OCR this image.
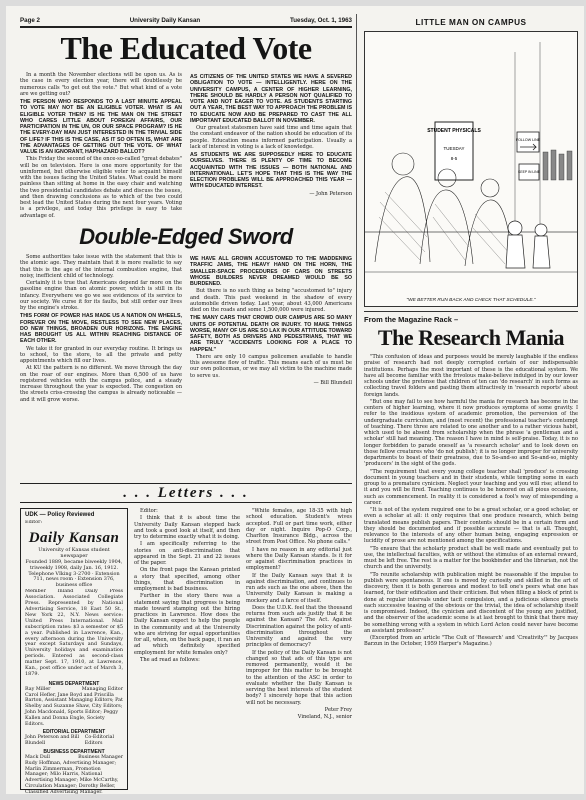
Page 2	University Daily Kansan	Tuesday, Oct. 1, 1963
The Educated Vote

In a month the November elections will be upon us. As is the case in every election year, there will doubtlessly be numerous calls "to get out the vote." But what kind of a vote are we getting out?

THE PERSON WHO RESPONDS TO A LAST MINUTE APPEAL TO VOTE MAY NOT BE AN ELIGIBLE VOTER. WHAT IS AN ELIGIBLE VOTER THEN? IS HE THE MAN ON THE STREET WHO CARES LITTLE ABOUT FOREIGN AFFAIRS, OUR PARTICIPATION IN THE UN, OR OUR SPACE PROGRAM? IS HE THE EVERY-DAY MAN JUST INTERESTED IN THE TRIVIAL SIDE OF LIFE? IF THIS IS THE CASE, AS IT SO OFTEN IS, WHAT ARE THE ADVANTAGES OF GETTING OUT THE VOTE. OF WHAT VALUE IS AN IGNORANT, HAPHAZARD BALLOT?

This Friday the second of the once-so-called "great debates" will be on television. Here is one more opportunity for the uninformed, but otherwise eligible voter to acquaint himself with the issues facing the United States. What could be more painless than sitting at home in the easy chair and watching the two presidential candidates debate and discuss the issues, and then drawing conclusions as to which of the two could best lead the United States during the next four years. Voting is a privilege, and today this privilege is easy to take advantage of.

AS CITIZENS OF THE UNITED STATES WE HAVE A SEVERED OBLIGATION TO VOTE — INTELLIGENTLY. HERE ON THE UNIVERSITY CAMPUS, A CENTER OF HIGHER LEARNING, THERE SHOULD BE HARDLY A PERSON NOT QUALIFIED TO VOTE AND NOT EAGER TO VOTE. AS STUDENTS STARTING OUT A YEAR, THE BEST WAY TO APPROACH THE PROBLEM IS TO EDUCATE NOW AND BE PREPARED TO CAST THE ALL IMPORTANT EDUCATED BALLOT IN NOVEMBER.

Our greatest statesmen have said time and time again that the constant endeavor of the nation should be education of its people. Education means informed participation. Usually a lack of interest in voting is a lack of knowledge.

AS STUDENTS WE ARE SUPPOSEDLY HERE TO EDUCATE OURSELVES. THERE IS PLENTY OF TIME TO BECOME ACQUAINTED WITH THE ISSUES — BOTH NATIONAL AND INTERNATIONAL. LET'S HOPE THAT THIS IS THE WAY THE ELECTION PROBLEMS WILL BE APPROACHED THIS YEAR — WITH EDUCATED INTEREST.

— John Peterson

Double-Edged Sword

Some authorities take issue with the statement that this is the atomic age. They maintain that it is more realistic to say that this is the age of the internal combustion engine, that noisy, inefficient child of technology.

Certainly it is true that Americans depend far more on the gasoline engine than on atomic power, which is still in its infancy. Everywhere we go we see evidences of its service to our society. We curse it for its faults, but still order our lives by the engine's stroke.

THIS FORM OF POWER HAS MADE US A NATION ON WHEELS, FOREVER ON THE MOVE, RESTLESS TO SEE NEW PLACES, DO NEW THINGS, BROADEN OUR HORIZONS. THE ENGINE HAS BROUGHT US ALL WITHIN REACHING DISTANCE OF EACH OTHER.

We take it for granted in our everyday routine. It brings us to school, to the store, to all the private and petty appointments which fill our lives.

At KU the pattern is no different. We move through the day on the roar of our engines. More than 6,500 of us have registered vehicles with the campus police, and a steady increase throughout the year is expected. The congestion on the streets criss-crossing the campus is already noticeable — and it will grow worse.

WE HAVE ALL GROWN ACCUSTOMED TO THE MADDENING TRAFFIC JAMS, THE HEAVY HAND ON THE HORN, THE SMALLER-SPACE PROCEDURES OF CARS ON STREETS WHOSE BUILDERS NEVER DREAMED WOULD BE SO BURDENED.

But there is no such thing as being "accustomed to" injury and death. This past weekend in the shadow of every automobile driven today. Last year, about 43,000 Americans died on the roads and some 1,500,000 were injured.

THE MANY CARS THAT CROWD OUR CAMPUS ARE SO MANY UNITS OF POTENTIAL DEATH OR INJURY. TO MAKE THINGS WORSE, MANY OF US ARE SO LAX IN OUR ATTITUDE TOWARD SAFETY, BOTH AS DRIVERS AND PEDESTRIANS, THAT WE ARE TRULY "ACCIDENTS LOOKING FOR A PLACE TO HAPPEN."

There are only 10 campus policemen available to handle this awesome flow of traffic. This means each of us must be our own policeman, or we may all victim to the machine made to serve us.

— Bill Blundell

LITTLE MAN ON CAMPUS
STUDENT PHYSICALS
TUESDAY
8-5
FOLLOW LINE
KEEP IN LINE
"WE BETTER RUN BACK AND CHECK THAT SCHEDULE."
From the Magazine Rack –
The Research Mania

"This confusion of ideas and purposes would be merely laughable if the endless praise of research had not deeply corrupted certain of our indispensable institutions. Perhaps the most important of these is the educational system. We have all become familiar with the frivolous make-believe indulged in by our lower schools under the pretense that children of ten can 'do research' in such forms as collecting travel folders and pasting them attractively in 'research reports' about foreign lands.

"But one may fail to see how harmful the mania for research has become in the centers of higher learning, where it now produces symptoms of some gravity. I refer to the insidious system of academic promotion, the perversion of the undergraduate curriculum, and (most recent) the professional teacher's contempt of teaching. There three are related to one another and to a rather vicious habit, which used to be absent from scholarship when the phrase 'a gentleman and a scholar' still had meaning. The reason I have in mind is self-praise. Today, it is no longer forbidden to parade oneself as 'a research scholar' and to look down on those fellow creatures who 'do not publish'; it is no longer improper for university departments to boast of their greatness, due to So-and-so and So-and-so, mighty 'producers' in the sight of the gods.

"The requirement that every young college teacher shall 'produce' is crossing document in young teachers and in their students, while tempting some in each group to a premature cynicism. Neglect your teaching and you will rise; attend to it and you will be fired. Teaching continues to be honored on all pious occasions, such as commencement. In reality it is considered a fool's way of misspending a career.

"It is not of the system required one to be a great scholar, or a good scholar, or even a scholar at all: it only requires that one produce research, which being translated means publish papers. Their contents should be in a certain form and they should be documented and if possible accurate — that is all. Thought, relevance to the interests of any other human being, engaging expression or lucidity of prose are not mentioned among the specifications.

"To ensure that the scholarly product shall be well made and eventually put to use, the intellectual faculties, with or without the stimulus of an external reward, must be left free. The rest is a matter for the bookbinder and the librarian, not the church and the university.

"To reunite scholarship with publication might be reasonable if the impulse to publish were spontaneous. If one is moved by curiosity and skilled in the art of discovery, then it is both generous and modest to tell one's peers what one has learned, for their edification and their criticism. But when filling a block of print is done at regular intervals under tacit compulsion, and a judicious silence greets each successive teasing of the obvious or the trivial, the idea of scholarship itself is compromised. Indeed, the cynicism and discontent of the young are justified, and the observer of the academic scene is at last brought to think that there may be something wrong with a system in which Lord Acton could never have become an assistant professor."

(Excerpted from an article "The Cult of 'Research' and 'Creativity'" by Jacques Barzun in the October, 1959 Harper's Magazine.)

. . . Letters . . .
UDK — Policy Reviewed

Editor:

Daily Kansan
University of Kansas student newspaper
Founded 1889, became biweekly 1904, triweekly 1908, daily Jan. 16, 1912.
Telephone VIking 3-2700 · Extension 711, news room · Extension 376, business office

Member Inland Daily Press Association. Associated Collegiate Press. Represented by National Advertising Service, 18 East 50 St., New York 22, N.Y. News service: United Press International. Mail subscription rates: $3 a semester or $5 a year. Published in Lawrence, Kan., every afternoon during the University year except Saturdays and Sundays, University holidays and examination periods. Entered as second-class matter Sept. 17, 1910, at Lawrence, Kan., post office under act of March 3, 1879.

NEWS DEPARTMENT
Ray Miller	Managing Editor
Carol Hefler, Jane Boyd and Priscilla Barton, Assistant Managing Editors; Pat Shelby and Suzanne Shaw, City Editors; John Macdonald, Sports Editor; Peggy Kallen and Donna Engle, Society Editors.
EDITORIAL DEPARTMENT
John Peterson and Bill Blundell
Co-Editorial Editors
BUSINESS DEPARTMENT
Mack Dull	Business Manager
Rudy Hoffman, Advertising Manager; Marlin Zimmerman, Promotion Manager; Milo Harris, National Advertising Manager; Mike McCarthy, Circulation Manager; Dorothy Beller, Classified Advertising Manager.

Editor:

I think that it is about time the University Daily Kansan stepped back and took a good look at itself, and then try to determine exactly what it is doing.

I am specifically referring to the stories on anti-discrimination that appeared in the Sept. 21 and 22 issues of the paper.

On the front page the Kansan printed a story that specified, among other things, that discrimination in employment is bad business.

Further in the story there was a statement saying that progress is being made toward stamping out the hiring practices in Lawrence. How does the Daily Kansan expect to help the people in the community and at the University who are striving for equal opportunities for all, when, on the back page, it ran an ad which definitely specified employment for white females only?

The ad read as follows:

"White females, age 18-35 with high school education. Student's wives accepted. Full or part time work, either day or night. Inquire Pop-O Corp., Charlton Insurance Bldg., across the street from Post Office. No phone calls."

I have no reason in any editorial just where the Daily Kansan stands. Is it for or against discrimination practices in employment?

If the Daily Kansan says that it is against discrimination, and continues to run ads such as the one above, then the University Daily Kansan is making a mockery and a farce of itself.

Does the U.D.K. feel that the thousand returns from such ads justify that it be against the Kansan? The Act. Against Discrimination against the policy of anti-discrimination throughout the University and against the very principles of democracy?

If the policy of the Daily Kansan is not changed so that ads of this type are removed permanently, would it be improper for this matter to be brought to the attention of the ASC in order to evaluate whether the Daily Kansan is serving the best interests of the student body? I sincerely hope that this action will not be necessary.

Peter Frey

Vineland, N.J., senior
